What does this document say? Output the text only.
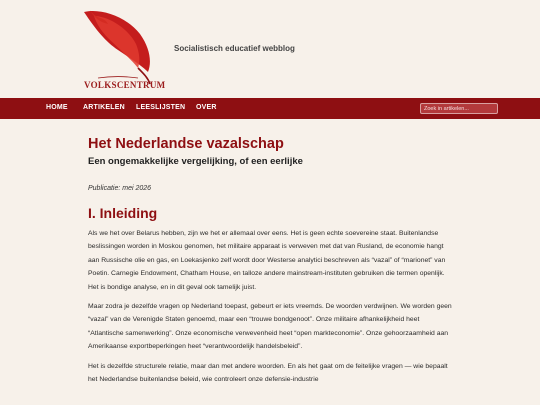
VOLKSCENTRUM
Socialistisch educatief webblog
HOME ARTIKELEN LEESLIJSTEN OVER	Zoek in artikelen...
Het Nederlandse vazalschap
Een ongemakkelijke vergelijking, of een eerlijke

Publicatie: mei 2026

I. Inleiding

Als we het over Belarus hebben, zijn we het er allemaal over eens. Het is geen echte soevereine staat. Buitenlandse beslissingen worden in Moskou genomen, het militaire apparaat is verweven met dat van Rusland, de economie hangt aan Russische olie en gas, en Loekasjenko zelf wordt door Westerse analytici beschreven als “vazal” of “marionet” van Poetin. Carnegie Endowment, Chatham House, en talloze andere mainstream-instituten gebruiken die termen openlijk. Het is bondige analyse, en in dit geval ook tamelijk juist.

Maar zodra je dezelfde vragen op Nederland toepast, gebeurt er iets vreemds. De woorden verdwijnen. We worden geen “vazal” van de Verenigde Staten genoemd, maar een “trouwe bondgenoot”. Onze militaire afhankelijkheid heet “Atlantische samenwerking”. Onze economische verwevenheid heet “open markteconomie”. Onze gehoorzaamheid aan Amerikaanse exportbeperkingen heet “verantwoordelijk handelsbeleid”.

Het is dezelfde structurele relatie, maar dan met andere woorden. En als het gaat om de feitelijke vragen — wie bepaalt het Nederlandse buitenlandse beleid, wie controleert onze defensie-industrie
